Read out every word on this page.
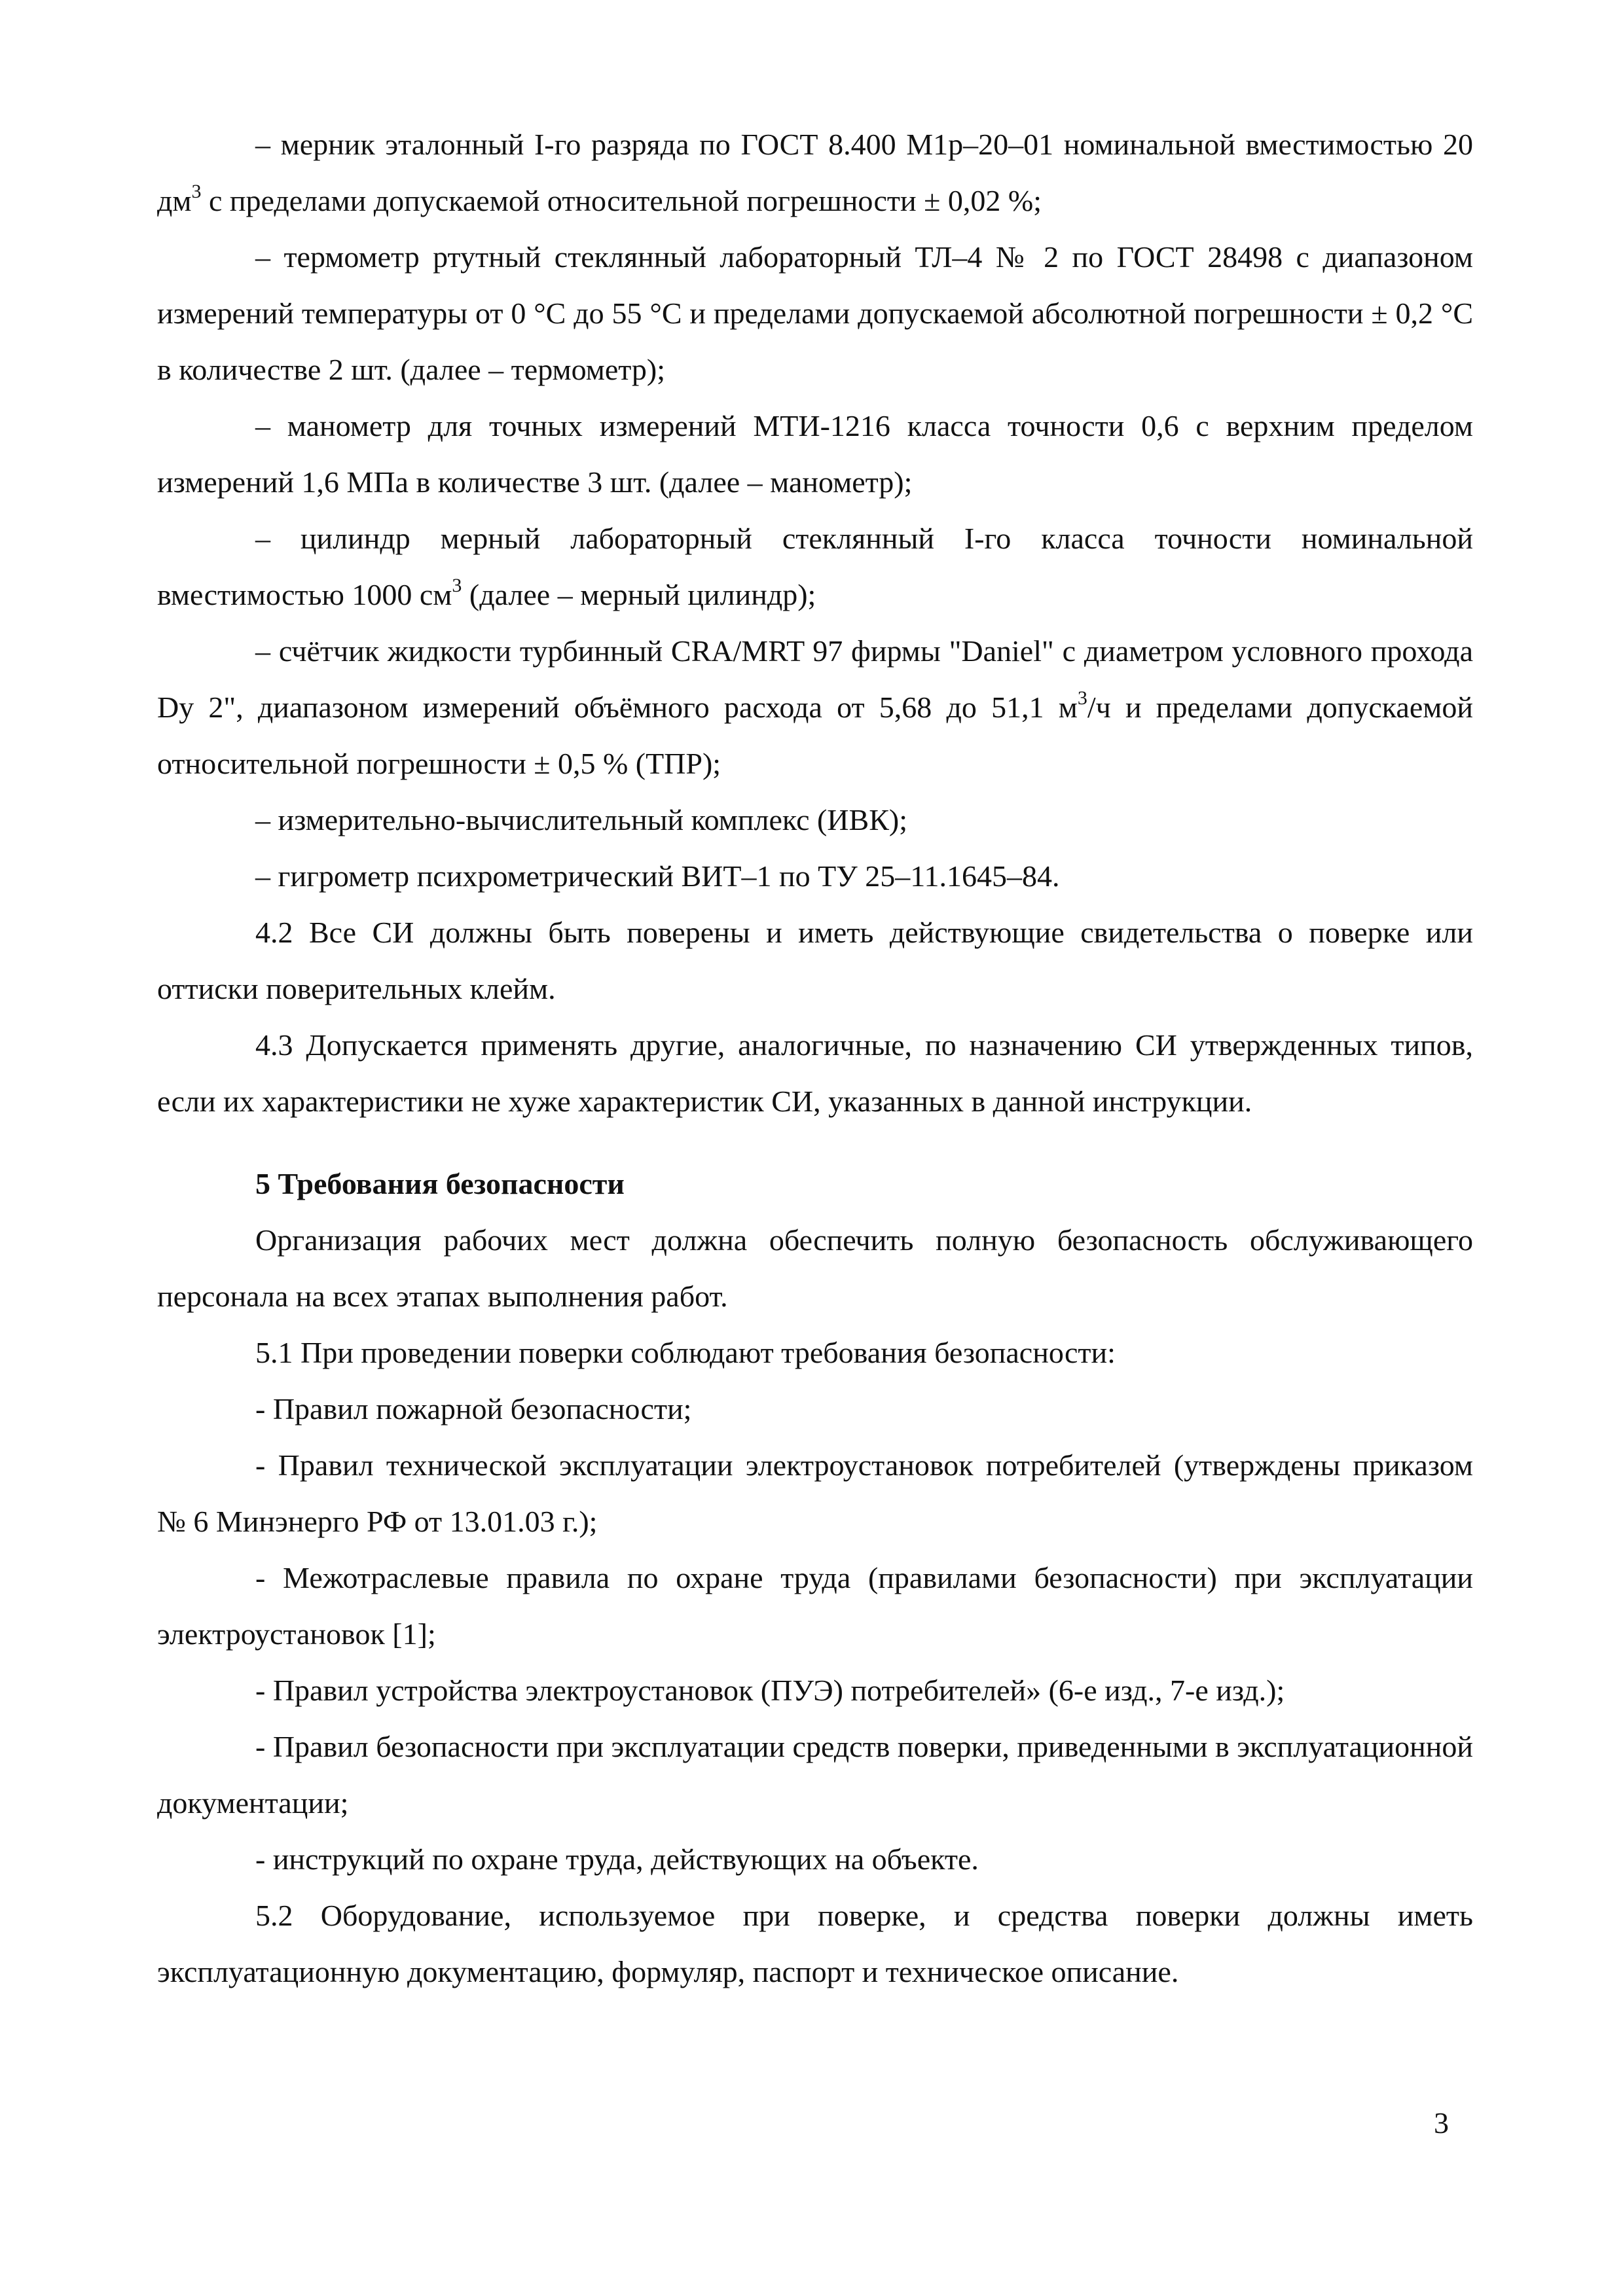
– мерник эталонный I-го разряда по ГОСТ 8.400 М1р–20–01 номинальной вместимостью 20 $дм^3$ с пределами допускаемой относительной погрешности ± 0,02 %;

– термометр ртутный стеклянный лабораторный ТЛ–4 № 2 по ГОСТ 28498 с диапазоном измерений температуры от 0 °С до 55 °С и пределами допускаемой абсолютной погрешности ± 0,2 °С в количестве 2 шт. (далее – термометр);

– манометр для точных измерений МТИ-1216 класса точности 0,6 с верхним пределом измерений 1,6 МПа в количестве 3 шт. (далее – манометр);

– цилиндр мерный лабораторный стеклянный I-го класса точности номинальной вместимостью 1000 $см^3$ (далее – мерный цилиндр);

– счётчик жидкости турбинный CRA/MRT 97 фирмы "Daniel" с диаметром условного прохода Dy 2", диапазоном измерений объёмного расхода от 5,68 до 51,1 $м^3/ч$ и пределами допускаемой относительной погрешности ± 0,5 % (ТПР);

– измерительно-вычислительный комплекс (ИВК);

– гигрометр психрометрический ВИТ–1 по ТУ 25–11.1645–84.

4.2 Все СИ должны быть поверены и иметь действующие свидетельства о поверке или оттиски поверительных клейм.

4.3 Допускается применять другие, аналогичные, по назначению СИ утвержденных типов, если их характеристики не хуже характеристик СИ, указанных в данной инструкции.

5 Требования безопасности

Организация рабочих мест должна обеспечить полную безопасность обслуживающего персонала на всех этапах выполнения работ.

5.1 При проведении поверки соблюдают требования безопасности:

- Правил пожарной безопасности;

- Правил технической эксплуатации электроустановок потребителей (утверждены приказом № 6 Минэнерго РФ от 13.01.03 г.);

- Межотраслевые правила по охране труда (правилами безопасности) при эксплуатации электроустановок [1];

- Правил устройства электроустановок (ПУЭ) потребителей» (6-е изд., 7-е изд.);

- Правил безопасности при эксплуатации средств поверки, приведенными в эксплуатационной документации;

- инструкций по охране труда, действующих на объекте.

5.2 Оборудование, используемое при поверке, и средства поверки должны иметь эксплуатационную документацию, формуляр, паспорт и техническое описание.

3
